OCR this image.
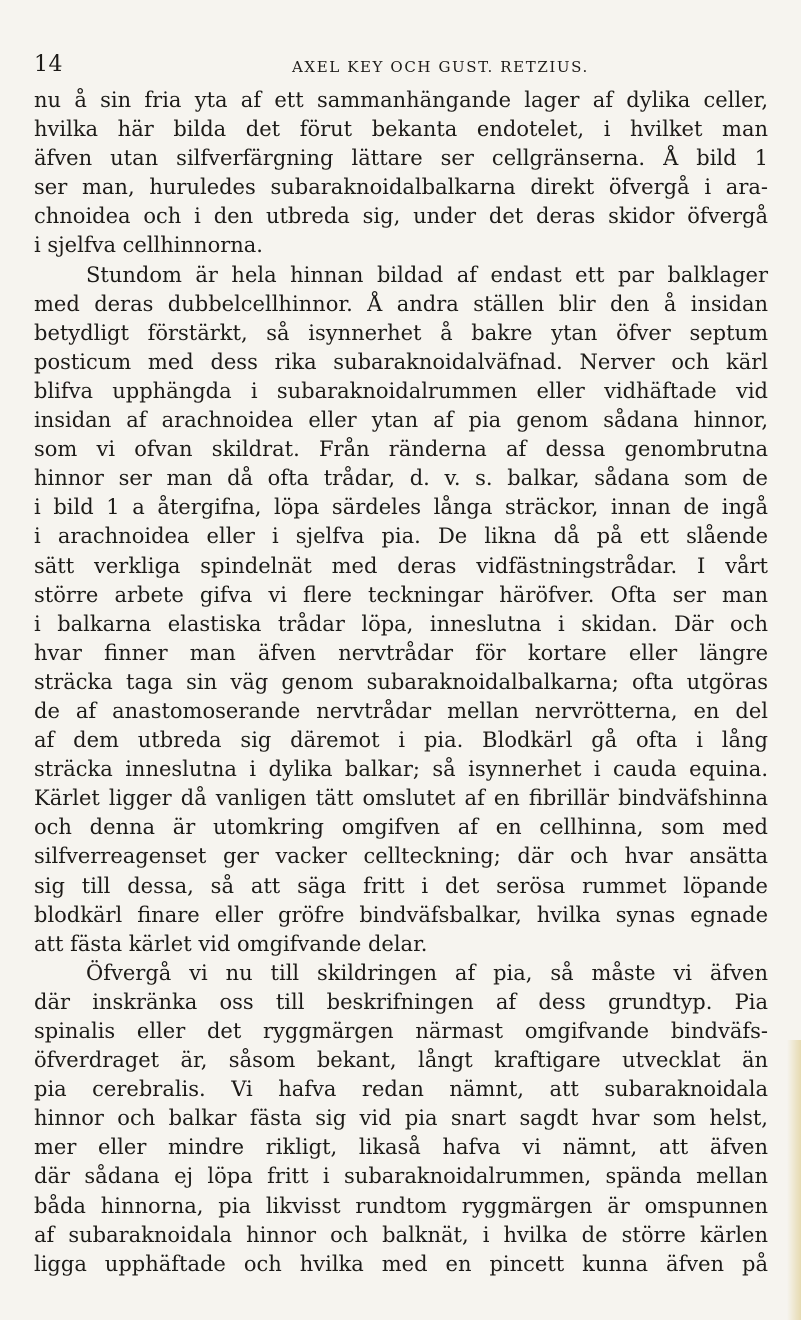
14	AXEL KEY OCH GUST. RETZIUS.
nu å sin fria yta af ett sammanhängande lager af dylika celler,
hvilka här bilda det förut bekanta endotelet, i hvilket man
äfven utan silfverfärgning lättare ser cellgränserna. Å bild 1
ser man, huruledes subaraknoidalbalkarna direkt öfvergå i ara-
chnoidea och i den utbreda sig, under det deras skidor öfvergå
i sjelfva cellhinnorna.
Stundom är hela hinnan bildad af endast ett par balklager
med deras dubbelcellhinnor. Å andra ställen blir den å insidan
betydligt förstärkt, så isynnerhet å bakre ytan öfver septum
posticum med dess rika subaraknoidalväfnad. Nerver och kärl
blifva upphängda i subaraknoidalrummen eller vidhäftade vid
insidan af arachnoidea eller ytan af pia genom sådana hinnor,
som vi ofvan skildrat. Från ränderna af dessa genombrutna
hinnor ser man då ofta trådar, d. v. s. balkar, sådana som de
i bild 1 a återgifna, löpa särdeles långa sträckor, innan de ingå
i arachnoidea eller i sjelfva pia. De likna då på ett slående
sätt verkliga spindelnät med deras vidfästningstrådar. I vårt
större arbete gifva vi flere teckningar häröfver. Ofta ser man
i balkarna elastiska trådar löpa, inneslutna i skidan. Där och
hvar finner man äfven nervtrådar för kortare eller längre
sträcka taga sin väg genom subaraknoidalbalkarna; ofta utgöras
de af anastomoserande nervtrådar mellan nervrötterna, en del
af dem utbreda sig däremot i pia. Blodkärl gå ofta i lång
sträcka inneslutna i dylika balkar; så isynnerhet i cauda equina.
Kärlet ligger då vanligen tätt omslutet af en fibrillär bindväfshinna
och denna är utomkring omgifven af en cellhinna, som med
silfverreagenset ger vacker cellteckning; där och hvar ansätta
sig till dessa, så att säga fritt i det serösa rummet löpande
blodkärl finare eller gröfre bindväfsbalkar, hvilka synas egnade
att fästa kärlet vid omgifvande delar.
Öfvergå vi nu till skildringen af pia, så måste vi äfven
där inskränka oss till beskrifningen af dess grundtyp. Pia
spinalis eller det ryggmärgen närmast omgifvande bindväfs-
öfverdraget är, såsom bekant, långt kraftigare utvecklat än
pia cerebralis. Vi hafva redan nämnt, att subaraknoidala
hinnor och balkar fästa sig vid pia snart sagdt hvar som helst,
mer eller mindre rikligt, likaså hafva vi nämnt, att äfven
där sådana ej löpa fritt i subaraknoidalrummen, spända mellan
båda hinnorna, pia likvisst rundtom ryggmärgen är omspunnen
af subaraknoidala hinnor och balknät, i hvilka de större kärlen
ligga upphäftade och hvilka med en pincett kunna äfven på
